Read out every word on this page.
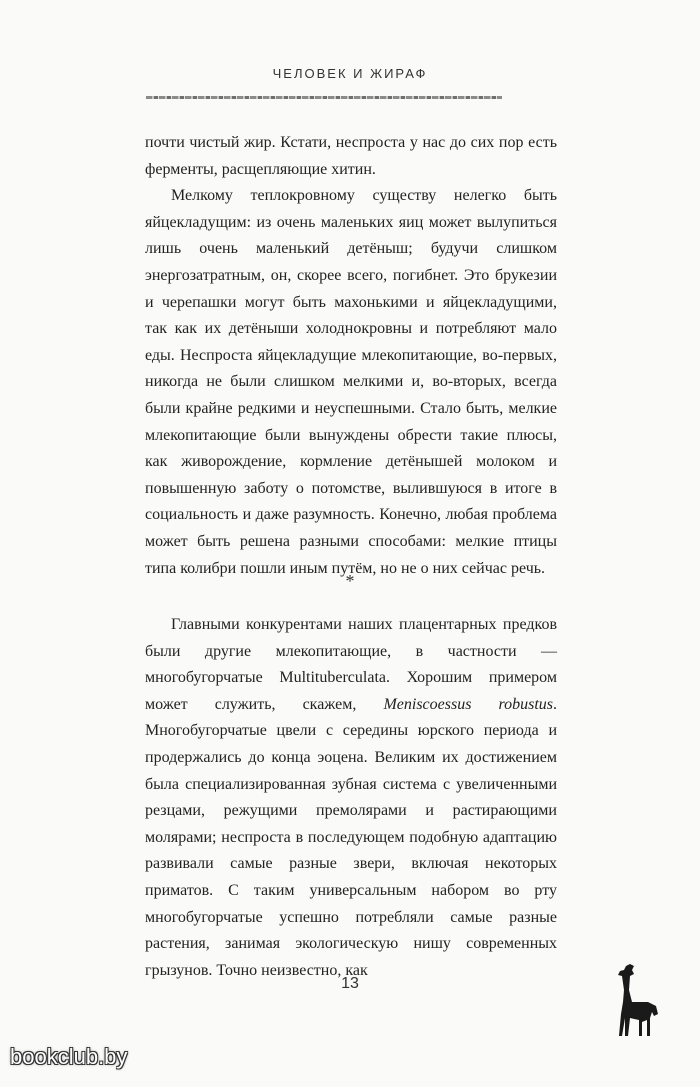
ЧЕЛОВЕК И ЖИРАФ

почти чистый жир. Кстати, неспроста у нас до сих пор есть ферменты, расщепляющие хитин.

Мелкому теплокровному существу нелегко быть яйцекладущим: из очень маленьких яиц может вылупиться лишь очень маленький детёныш; будучи слишком энергозатратным, он, скорее всего, погибнет. Это брукезии и черепашки могут быть махонькими и яйцекладущими, так как их детёныши холоднокровны и потребляют мало еды. Неспроста яйцекладущие млекопитающие, во-первых, никогда не были слишком мелкими и, во-вторых, всегда были крайне редкими и неуспешными. Стало быть, мелкие млекопитающие были вынуждены обрести такие плюсы, как живорождение, кормление детёнышей молоком и повышенную заботу о потомстве, вылившуюся в итоге в социальность и даже разумность. Конечно, любая проблема может быть решена разными способами: мелкие птицы типа колибри пошли иным путём, но не о них сейчас речь.

*

Главными конкурентами наших плацентарных предков были другие млекопитающие, в частности — многобугорчатые Multituberculata. Хорошим примером может служить, скажем, Meniscoessus robustus. Многобугорчатые цвели с середины юрского периода и продержались до конца эоцена. Великим их достижением была специализированная зубная система с увеличенными резцами, режущими премолярами и растирающими молярами; неспроста в последующем подобную адаптацию развивали самые разные звери, включая некоторых приматов. С таким универсальным набором во рту многобугорчатые успешно потребляли самые разные растения, занимая экологическую нишу современных грызунов. Точно неизвестно, как

13
bookclub.by
